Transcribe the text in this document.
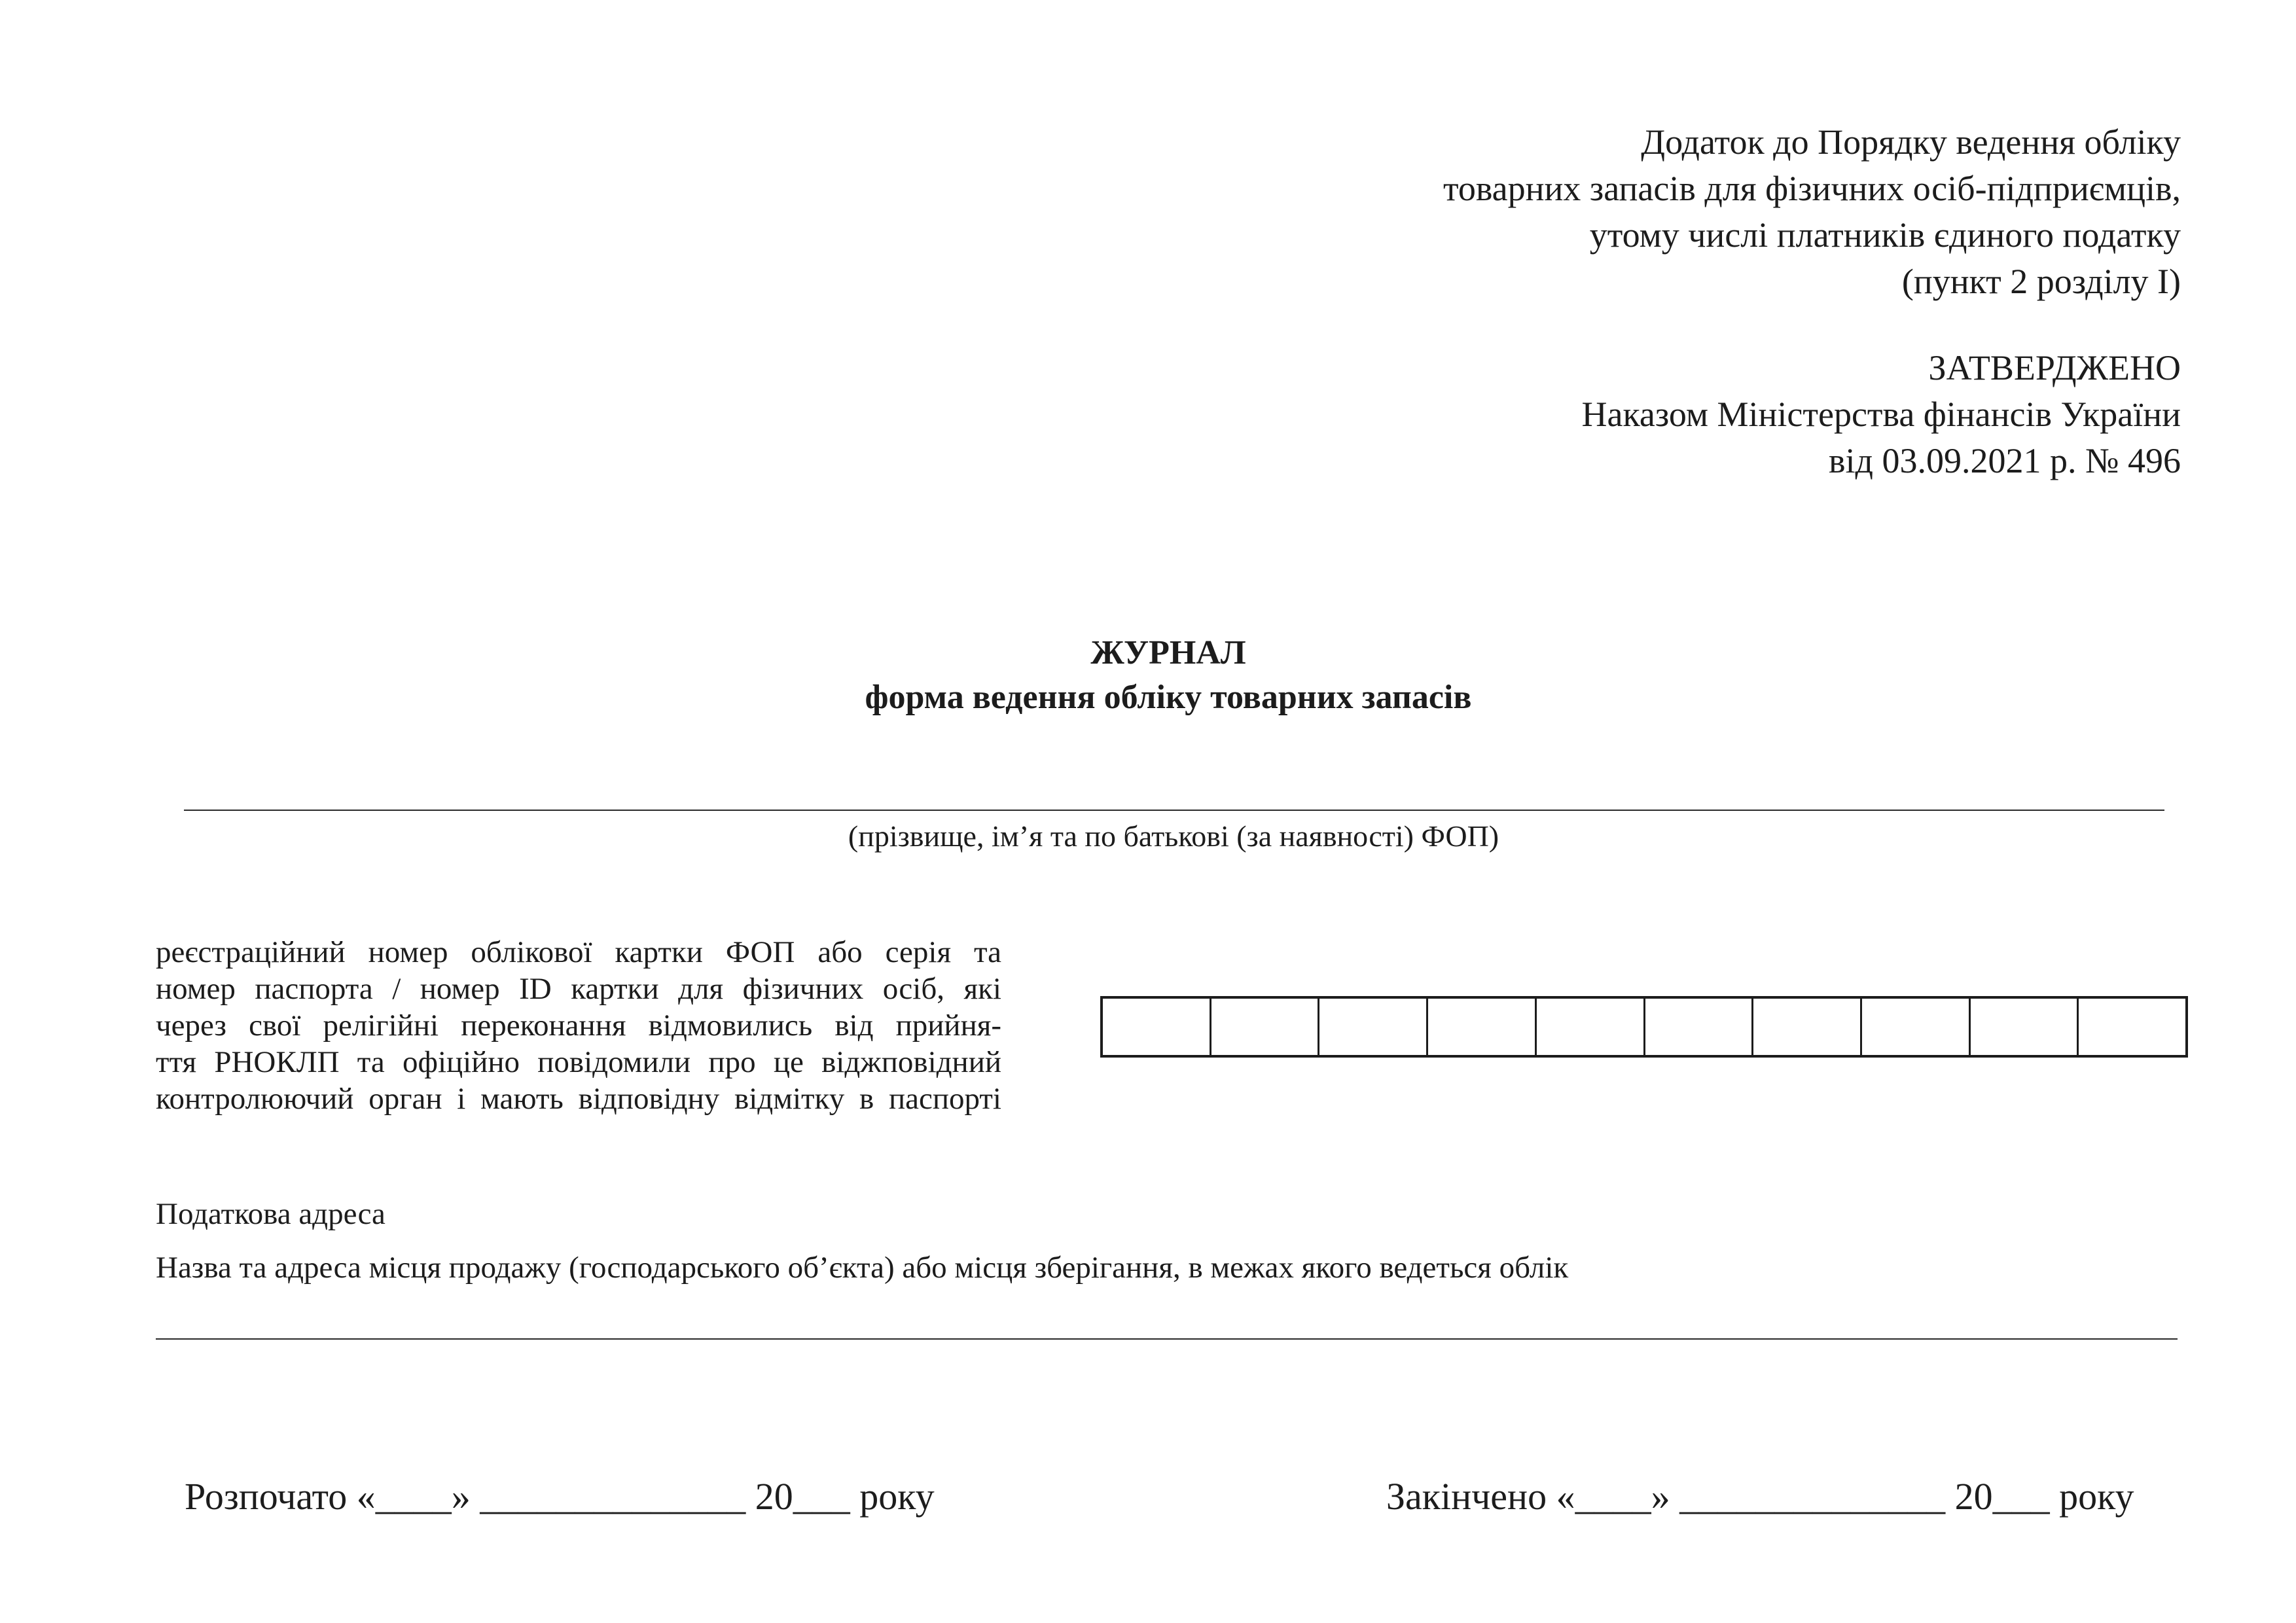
Додаток до Порядку ведення обліку
товарних запасів для фізичних осіб-підприємців,
утому числі платників єдиного податку
(пункт 2 розділу І)
ЗАТВЕРДЖЕНО
Наказом Міністерства фінансів України
від 03.09.2021 р. № 496
ЖУРНАЛ
форма ведення обліку товарних запасів
(прізвище, ім’я та по батькові (за наявності) ФОП)
реєстраційний номер облікової картки ФОП або серія та
номер паспорта / номер ID картки для фізичних осіб, які
через свої релігійні переконання відмовились від прийня-
ття РНОКЛП та офіційно повідомили про це віджповідний
контролюючий орган і мають відповідну відмітку в паспорті
Податкова адреса
Назва та адреса місця продажу (господарського об’єкта) або місця зберігання, в межах якого ведеться облік
Розпочато «____» ______________ 20___ року	Закінчено «____» ______________ 20___ року
